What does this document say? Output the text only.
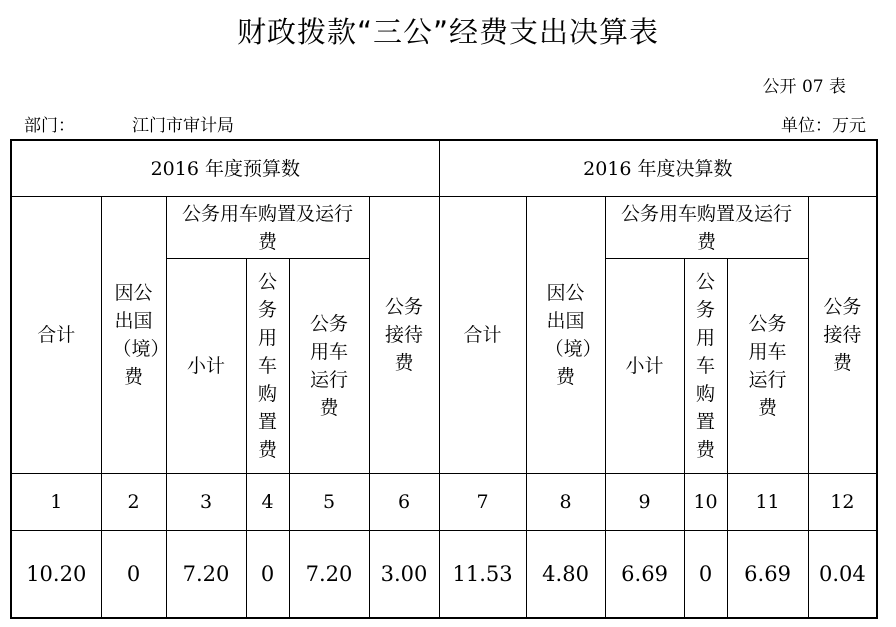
财政拨款“三公”经费支出决算表
公开 07 表
部门：	江门市审计局	单位：万元
2016 年度预算数						2016 年度决算数					
合计	因公出国（境）费	公务用车购置及运行费			公务接待费	合计	因公出国（境）费	公务用车购置及运行费			公务接待费
		小计	公务用车购置费	公务用车运行费				小计	公务用车购置费	公务用车运行费	
1	2	3	4	5	6	7	8	9	10	11	12
10.20	0	7.20	0	7.20	3.00	11.53	4.80	6.69	0	6.69	0.04
